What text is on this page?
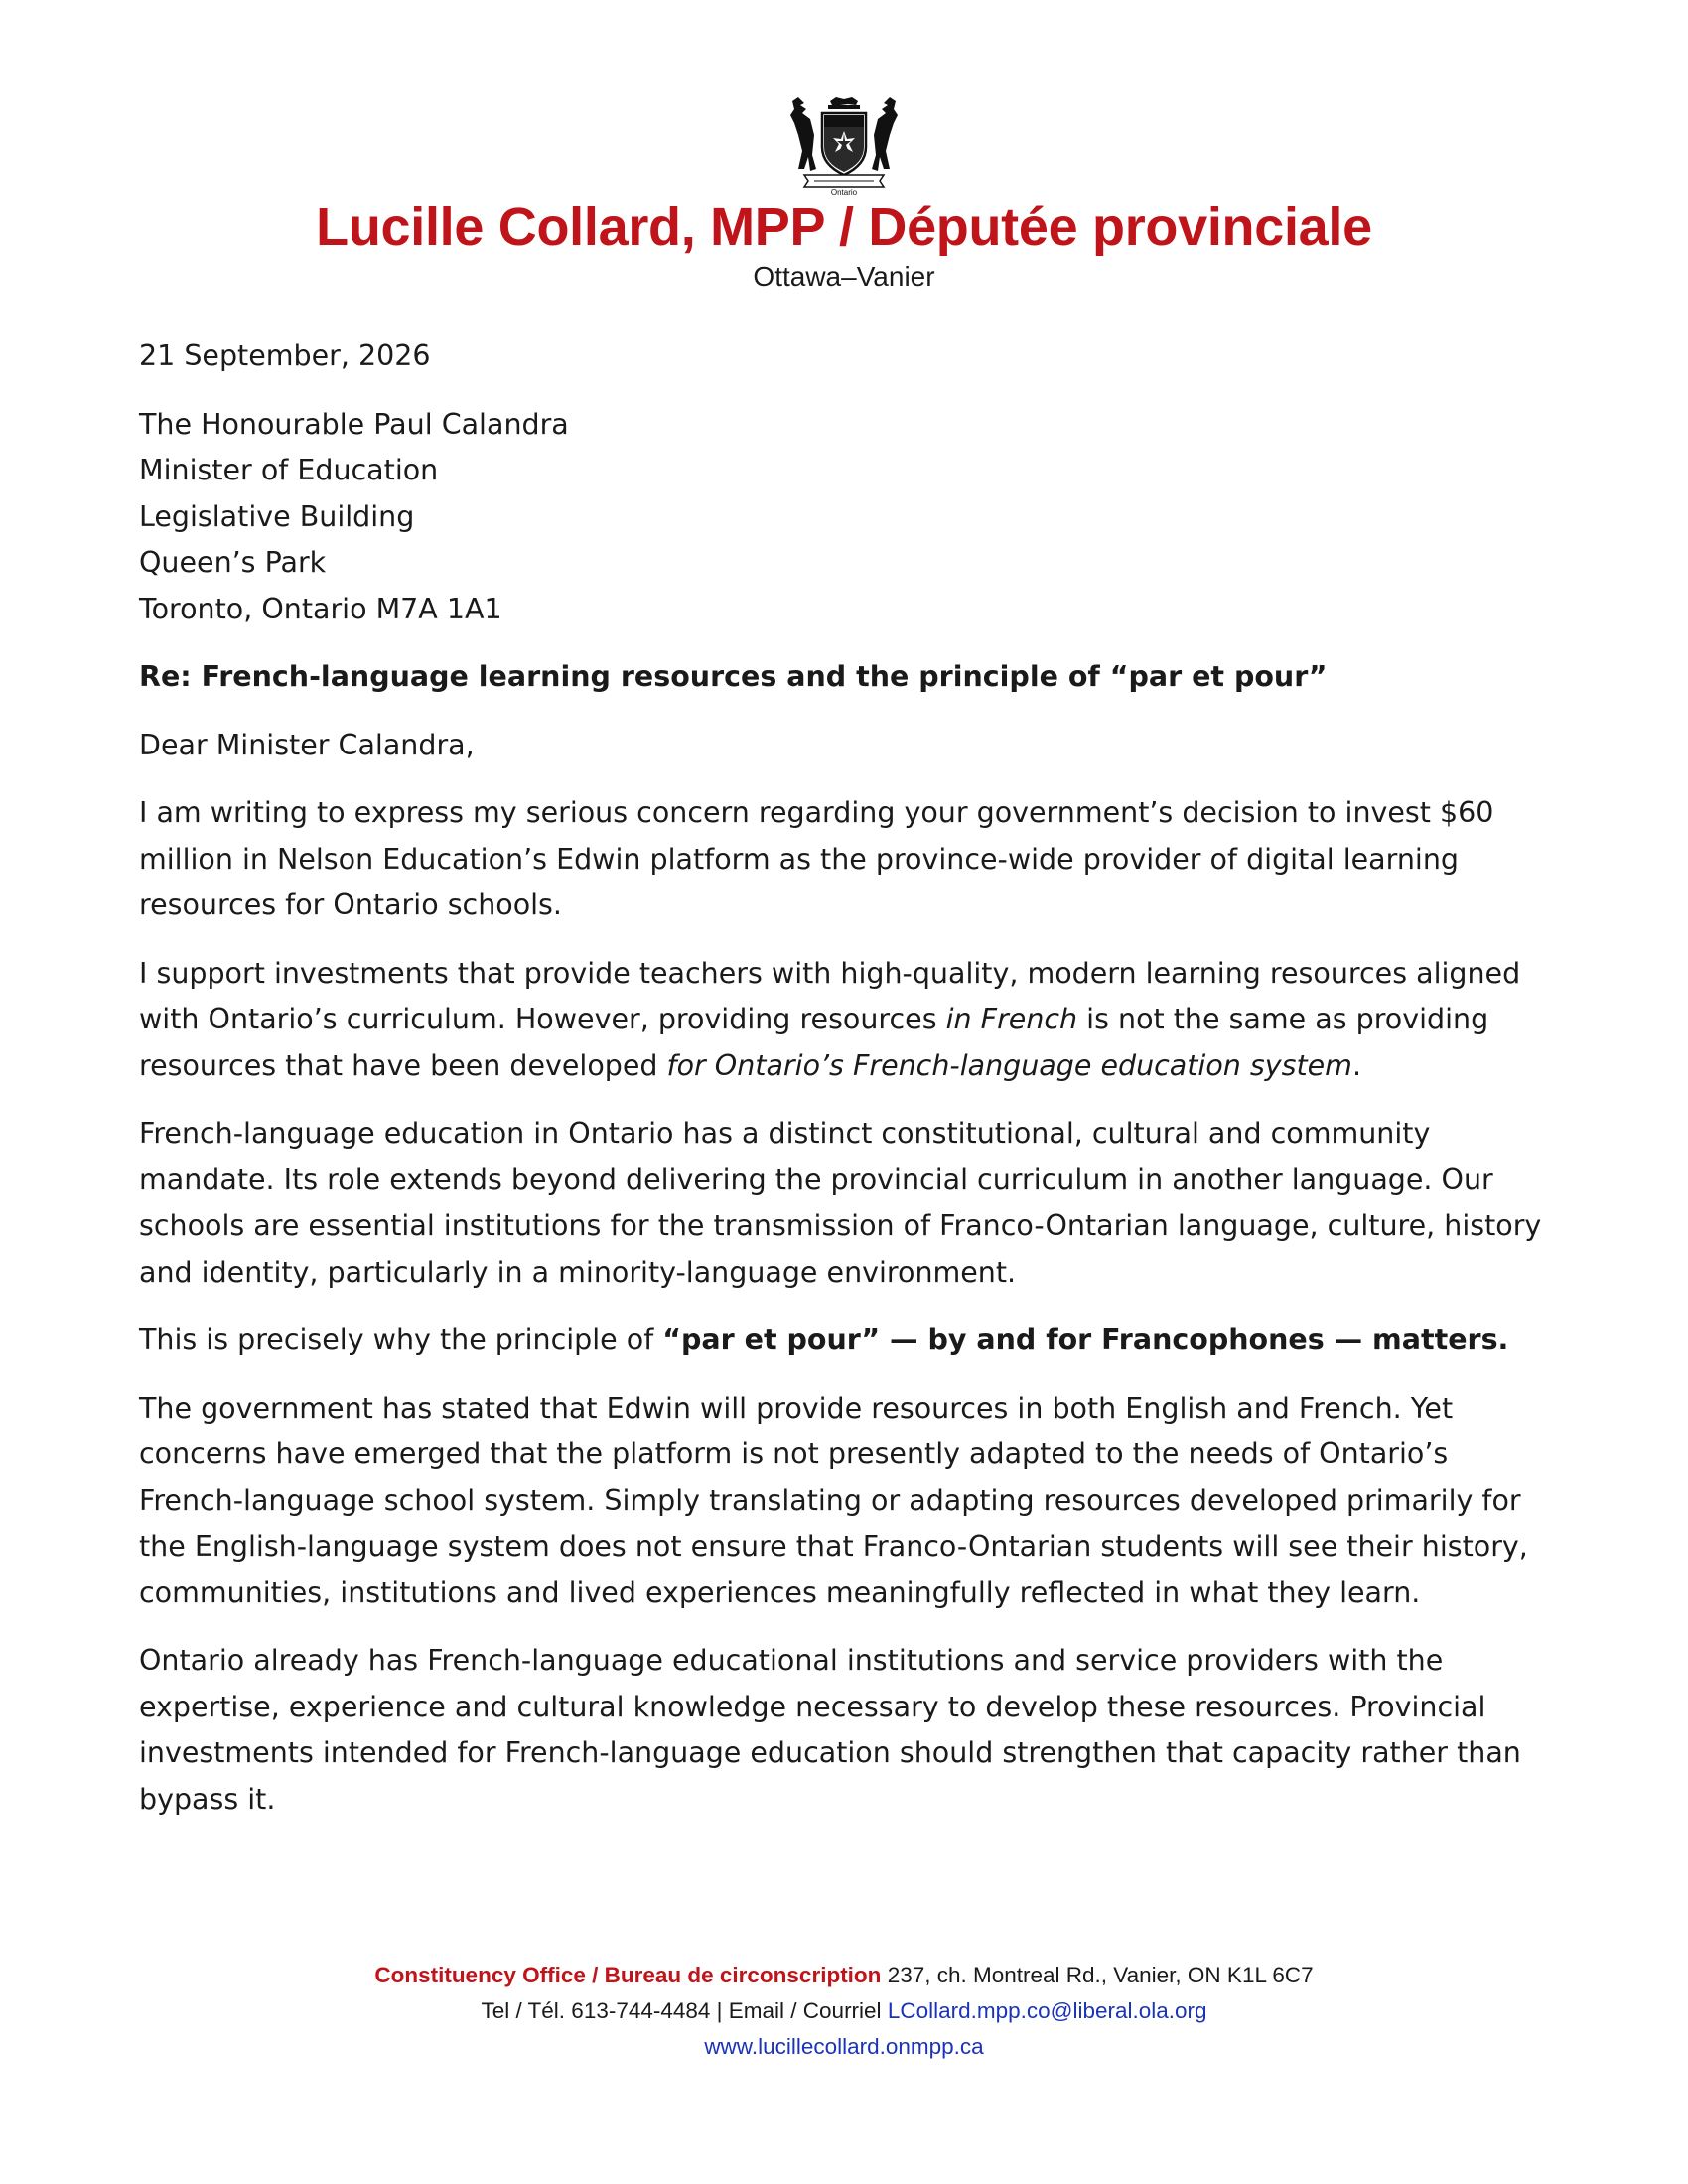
Ontario
Lucille Collard, MPP / Députée provinciale
Ottawa–Vanier

21 September, 2026

The Honourable Paul Calandra
Minister of Education
Legislative Building
Queen’s Park
Toronto, Ontario M7A 1A1

Re: French-language learning resources and the principle of “par et pour”

Dear Minister Calandra,

I am writing to express my serious concern regarding your government’s decision to invest $60 million in Nelson Education’s Edwin platform as the province-wide provider of digital learning resources for Ontario schools.

I support investments that provide teachers with high-quality, modern learning resources aligned with Ontario’s curriculum. However, providing resources in French is not the same as providing resources that have been developed for Ontario’s French-language education system.

French-language education in Ontario has a distinct constitutional, cultural and community mandate. Its role extends beyond delivering the provincial curriculum in another language. Our schools are essential institutions for the transmission of Franco-Ontarian language, culture, history and identity, particularly in a minority-language environment.

This is precisely why the principle of “par et pour” — by and for Francophones — matters.

The government has stated that Edwin will provide resources in both English and French. Yet concerns have emerged that the platform is not presently adapted to the needs of Ontario’s French-language school system. Simply translating or adapting resources developed primarily for the English-language system does not ensure that Franco-Ontarian students will see their history, communities, institutions and lived experiences meaningfully reflected in what they learn.

Ontario already has French-language educational institutions and service providers with the expertise, experience and cultural knowledge necessary to develop these resources. Provincial investments intended for French-language education should strengthen that capacity rather than bypass it.

Constituency Office / Bureau de circonscription 237, ch. Montreal Rd., Vanier, ON K1L 6C7
Tel / Tél. 613-744-4484 | Email / Courriel LCollard.mpp.co@liberal.ola.org
www.lucillecollard.onmpp.ca
